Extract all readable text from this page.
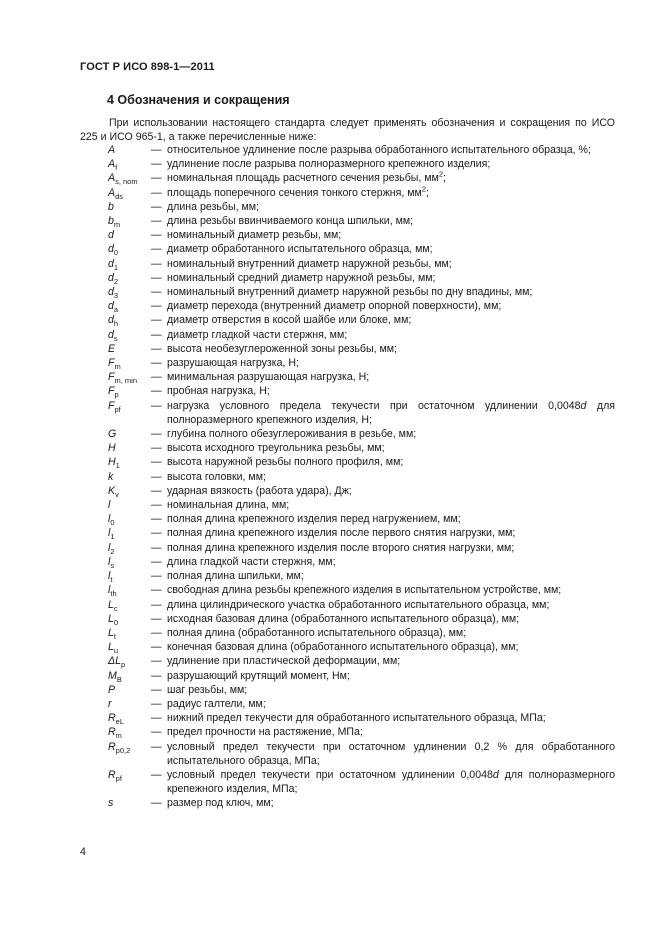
ГОСТ Р ИСО 898-1—2011
4 Обозначения и сокращения
При использовании настоящего стандарта следует применять обозначения и сокращения по ИСО 225 и ИСО 965-1, а также перечисленные ниже:
A	— относительное удлинение после разрыва обработанного испытательного образца, %;
$A_f$	— удлинение после разрыва полноразмерного крепежного изделия;
$A_{s, nom}$	— номинальная площадь расчетного сечения резьбы, $мм^2$;
$A_{ds}$	— площадь поперечного сечения тонкого стержня, $мм^2$;
b	— длина резьбы, мм;
$b_m$	— длина резьбы ввинчиваемого конца шпильки, мм;
d	— номинальный диаметр резьбы, мм;
$d_0$	— диаметр обработанного испытательного образца, мм;
$d_1$	— номинальный внутренний диаметр наружной резьбы, мм;
$d_2$	— номинальный средний диаметр наружной резьбы, мм;
$d_3$	— номинальный внутренний диаметр наружной резьбы по дну впадины, мм;
$d_a$	— диаметр перехода (внутренний диаметр опорной поверхности), мм;
$d_h$	— диаметр отверстия в косой шайбе или блоке, мм;
$d_s$	— диаметр гладкой части стержня, мм;
E	— высота необезуглероженной зоны резьбы, мм;
$F_m$	— разрушающая нагрузка, Н;
$F_{m, min}$	— минимальная разрушающая нагрузка, Н;
$F_p$	— пробная нагрузка, Н;
$F_{pf}$	— нагрузка условного предела текучести при остаточном удлинении 0,0048d для полноразмерного крепежного изделия, Н;
G	— глубина полного обезуглероживания в резьбе, мм;
H	— высота исходного треугольника резьбы, мм;
$H_1$	— высота наружной резьбы полного профиля, мм;
k	— высота головки, мм;
$K_v$	— ударная вязкость (работа удара), Дж;
l	— номинальная длина, мм;
$l_0$	— полная длина крепежного изделия перед нагружением, мм;
$l_1$	— полная длина крепежного изделия после первого снятия нагрузки, мм;
$l_2$	— полная длина крепежного изделия после второго снятия нагрузки, мм;
$l_s$	— длина гладкой части стержня, мм;
$l_t$	— полная длина шпильки, мм;
$l_{th}$	— свободная длина резьбы крепежного изделия в испытательном устройстве, мм;
$L_c$	— длина цилиндрического участка обработанного испытательного образца, мм;
$L_0$	— исходная базовая длина (обработанного испытательного образца), мм;
$L_t$	— полная длина (обработанного испытательного образца), мм;
$L_u$	— конечная базовая длина (обработанного испытательного образца), мм;
$\Delta L_p$	— удлинение при пластической деформации, мм;
$M_B$	— разрушающий крутящий момент, Нм;
P	— шаг резьбы, мм;
r	— радиус галтели, мм;
$R_{eL}$	— нижний предел текучести для обработанного испытательного образца, МПа;
$R_m$	— предел прочности на растяжение, МПа;
$R_{p0,2}$	— условный предел текучести при остаточном удлинении 0,2 % для обработанного испытательного образца, МПа;
$R_{pf}$	— условный предел текучести при остаточном удлинении 0,0048d для полноразмерного крепежного изделия, МПа;
s	— размер под ключ, мм;
4
